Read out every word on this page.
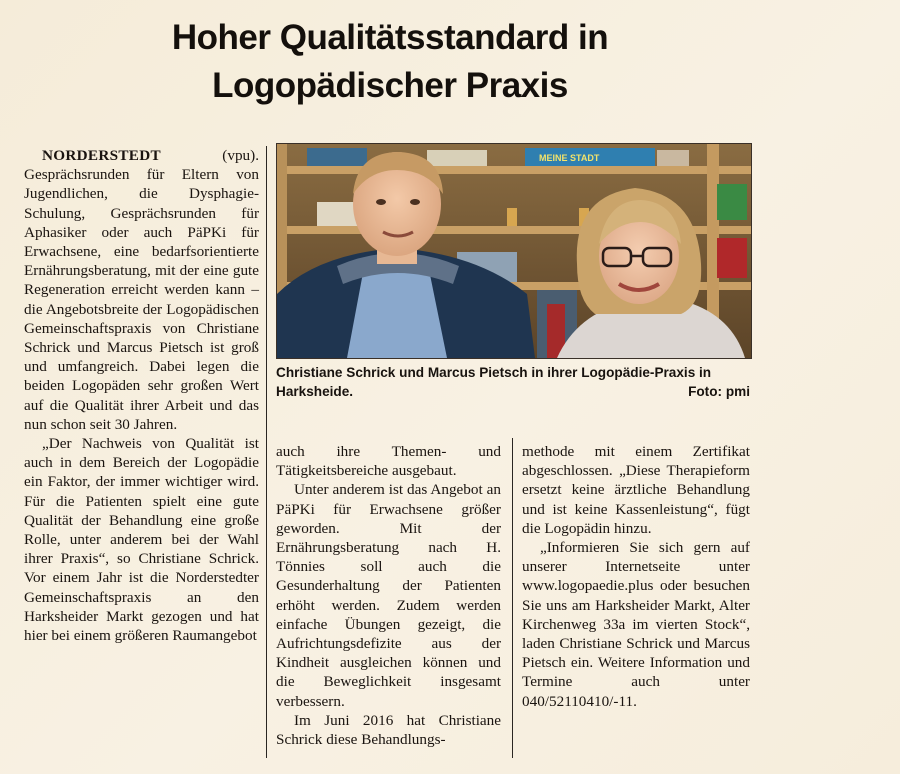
Hoher Qualitätsstandard in
Logopädischer Praxis

NORDERSTEDT (vpu). Gesprächsrunden für Eltern von Jugendlichen, die Dysphagie-Schulung, Gesprächsrunden für Aphasiker oder auch PäPKi für Erwachsene, eine bedarfsorientierte Ernährungsberatung, mit der eine gute Regeneration erreicht werden kann – die Angebotsbreite der Logopädischen Gemeinschaftspraxis von Christiane Schrick und Marcus Pietsch ist groß und umfangreich. Dabei legen die beiden Logopäden sehr großen Wert auf die Qualität ihrer Arbeit und das nun schon seit 30 Jahren.

„Der Nachweis von Qualität ist auch in dem Bereich der Logopädie ein Faktor, der immer wichtiger wird. Für die Patienten spielt eine gute Qualität der Behandlung eine große Rolle, unter anderem bei der Wahl ihrer Praxis“, so Christiane Schrick. Vor einem Jahr ist die Norderstedter Gemeinschaftspraxis an den Harksheider Markt gezogen und hat hier bei einem größeren Raumangebot

MEINE STADT
Christiane Schrick und Marcus Pietsch in ihrer Logopädie-Praxis in Harksheide.	Foto: pmi

auch ihre Themen- und Tätigkeitsbereiche ausgebaut.

Unter anderem ist das Angebot an PäPKi für Erwachsene größer geworden. Mit der Ernährungsberatung nach H. Tönnies soll auch die Gesunderhaltung der Patienten erhöht werden. Zudem werden einfache Übungen gezeigt, die Aufrichtungsdefizite aus der Kindheit ausgleichen können und die Beweglichkeit insgesamt verbessern.

Im Juni 2016 hat Christiane Schrick diese Behandlungs-

methode mit einem Zertifikat abgeschlossen. „Diese Therapieform ersetzt keine ärztliche Behandlung und ist keine Kassenleistung“, fügt die Logopädin hinzu.

„Informieren Sie sich gern auf unserer Internetseite unter www.logopaedie.plus oder besuchen Sie uns am Harksheider Markt, Alter Kirchenweg 33a im vierten Stock“, laden Christiane Schrick und Marcus Pietsch ein. Weitere Information und Termine auch unter 040/52110410/-11.
